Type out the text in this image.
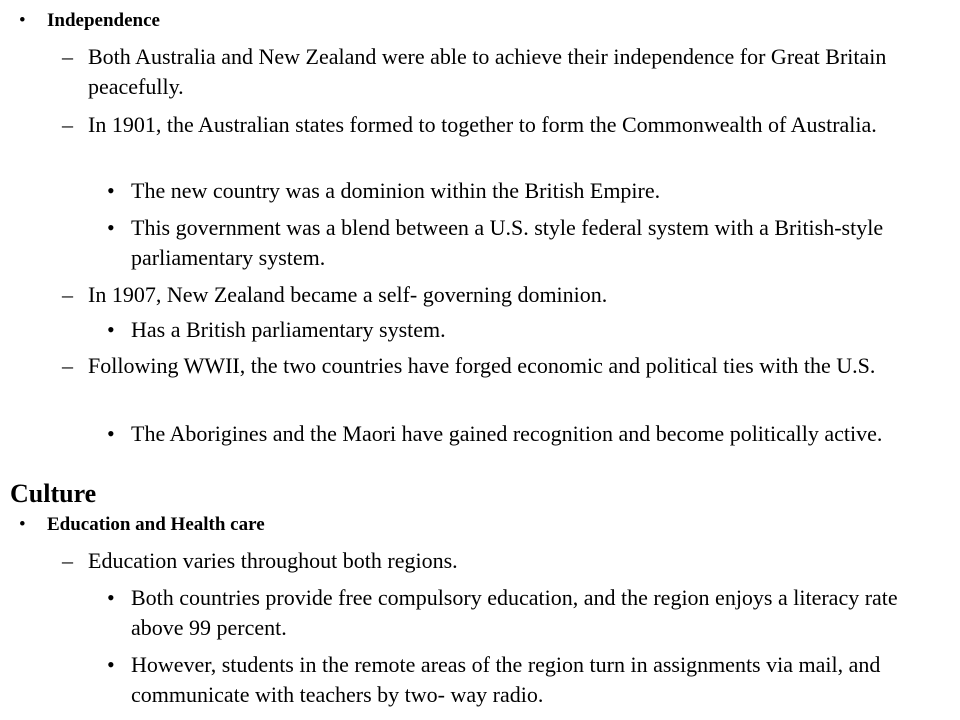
• Independence
– Both Australia and New Zealand were able to achieve their independence for Great Britain peacefully.
– In 1901, the Australian states formed to together to form the Commonwealth of Australia.
• The new country was a dominion within the British Empire.
• This government was a blend between a U.S. style federal system with a British-style parliamentary system.
– In 1907, New Zealand became a self- governing dominion.
• Has a British parliamentary system.
– Following WWII, the two countries have forged economic and political ties with the U.S.
• The Aborigines and the Maori have gained recognition and become politically active.
Culture
• Education and Health care
– Education varies throughout both regions.
• Both countries provide free compulsory education, and the region enjoys a literacy rate above 99 percent.
• However, students in the remote areas of the region turn in assignments via mail, and communicate with teachers by two- way radio.
